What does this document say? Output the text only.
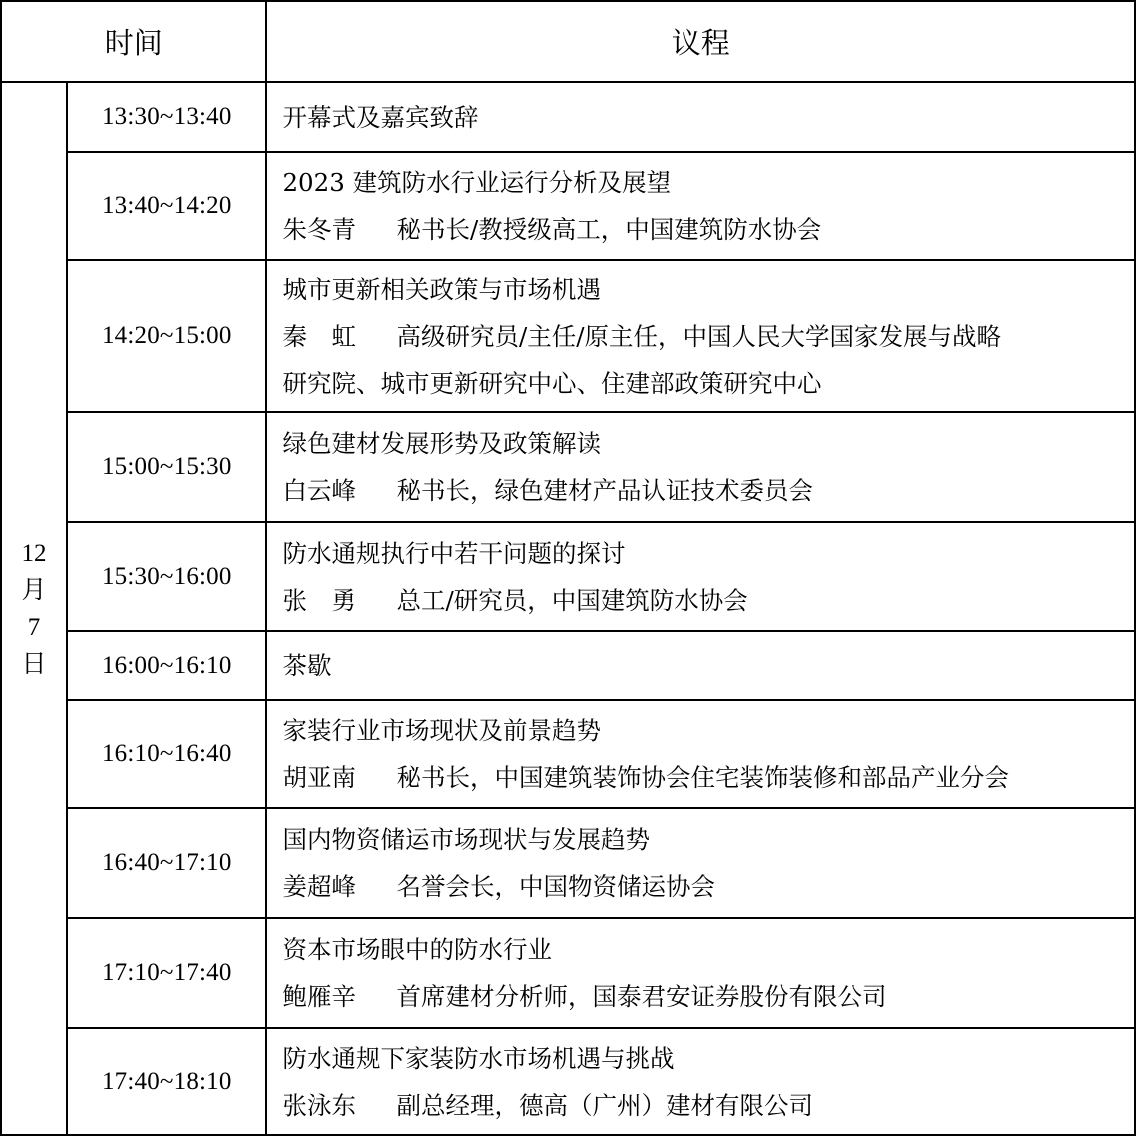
时间		议程

12
月
7
日	13:30~13:40	开幕式及嘉宾致辞

	13:40~14:20	2023 建筑防水行业运行分析及展望
朱冬青 秘书长/教授级高工，中国建筑防水协会

	14:20~15:00	城市更新相关政策与市场机遇
秦　虹 高级研究员/主任/原主任，中国人民大学国家发展与战略
研究院、城市更新研究中心、住建部政策研究中心

	15:00~15:30	绿色建材发展形势及政策解读
白云峰 秘书长，绿色建材产品认证技术委员会

	15:30~16:00	防水通规执行中若干问题的探讨
张　勇 总工/研究员，中国建筑防水协会

	16:00~16:10	茶歇

	16:10~16:40	家装行业市场现状及前景趋势
胡亚南 秘书长，中国建筑装饰协会住宅装饰装修和部品产业分会

	16:40~17:10	国内物资储运市场现状与发展趋势
姜超峰 名誉会长，中国物资储运协会

	17:10~17:40	资本市场眼中的防水行业
鲍雁辛 首席建材分析师，国泰君安证券股份有限公司

	17:40~18:10	防水通规下家装防水市场机遇与挑战
张泳东 副总经理，德高（广州）建材有限公司
